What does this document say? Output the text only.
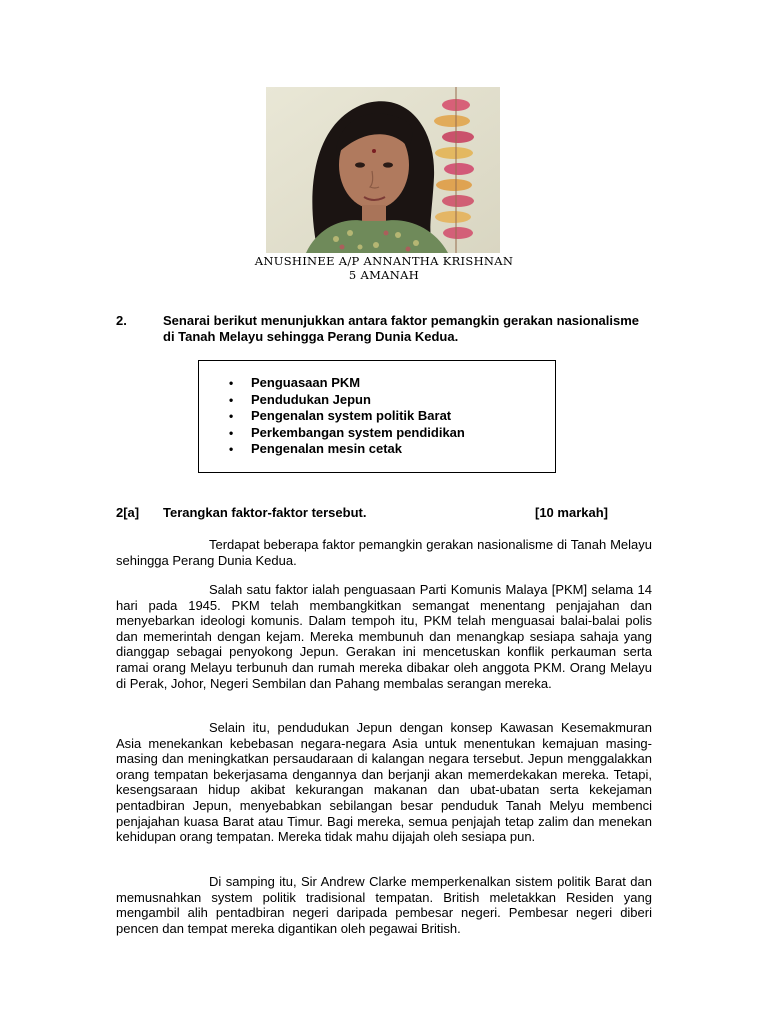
ANUSHINEE A/P ANNANTHA KRISHNAN
5 AMANAH
2.	Senarai berikut menunjukkan antara faktor pemangkin gerakan nasionalisme di Tanah Melayu sehingga Perang Dunia Kedua.
• Penguasaan PKM
• Pendudukan Jepun
• Pengenalan system politik Barat
• Perkembangan system pendidikan
• Pengenalan mesin cetak
2[a] Terangkan faktor-faktor tersebut.	[10 markah]
Terdapat beberapa faktor pemangkin gerakan nasionalisme di Tanah Melayu sehingga Perang Dunia Kedua.
Salah satu faktor ialah penguasaan Parti Komunis Malaya [PKM] selama 14 hari pada 1945. PKM telah membangkitkan semangat menentang penjajahan dan menyebarkan ideologi komunis. Dalam tempoh itu, PKM telah menguasai balai-balai polis dan memerintah dengan kejam. Mereka membunuh dan menangkap sesiapa sahaja yang dianggap sebagai penyokong Jepun. Gerakan ini mencetuskan konflik perkauman serta ramai orang Melayu terbunuh dan rumah mereka dibakar oleh anggota PKM. Orang Melayu di Perak, Johor, Negeri Sembilan dan Pahang membalas serangan mereka.
Selain itu, pendudukan Jepun dengan konsep Kawasan Kesemakmuran Asia menekankan kebebasan negara-negara Asia untuk menentukan kemajuan masing-masing dan meningkatkan persaudaraan di kalangan negara tersebut. Jepun menggalakkan orang tempatan bekerjasama dengannya dan berjanji akan memerdekakan mereka. Tetapi, kesengsaraan hidup akibat kekurangan makanan dan ubat-ubatan serta kekejaman pentadbiran Jepun, menyebabkan sebilangan besar penduduk Tanah Melyu membenci penjajahan kuasa Barat atau Timur. Bagi mereka, semua penjajah tetap zalim dan menekan kehidupan orang tempatan. Mereka tidak mahu dijajah oleh sesiapa pun.
Di samping itu, Sir Andrew Clarke memperkenalkan sistem politik Barat dan memusnahkan system politik tradisional tempatan. British meletakkan Residen yang mengambil alih pentadbiran negeri daripada pembesar negeri. Pembesar negeri diberi pencen dan tempat mereka digantikan oleh pegawai British.
